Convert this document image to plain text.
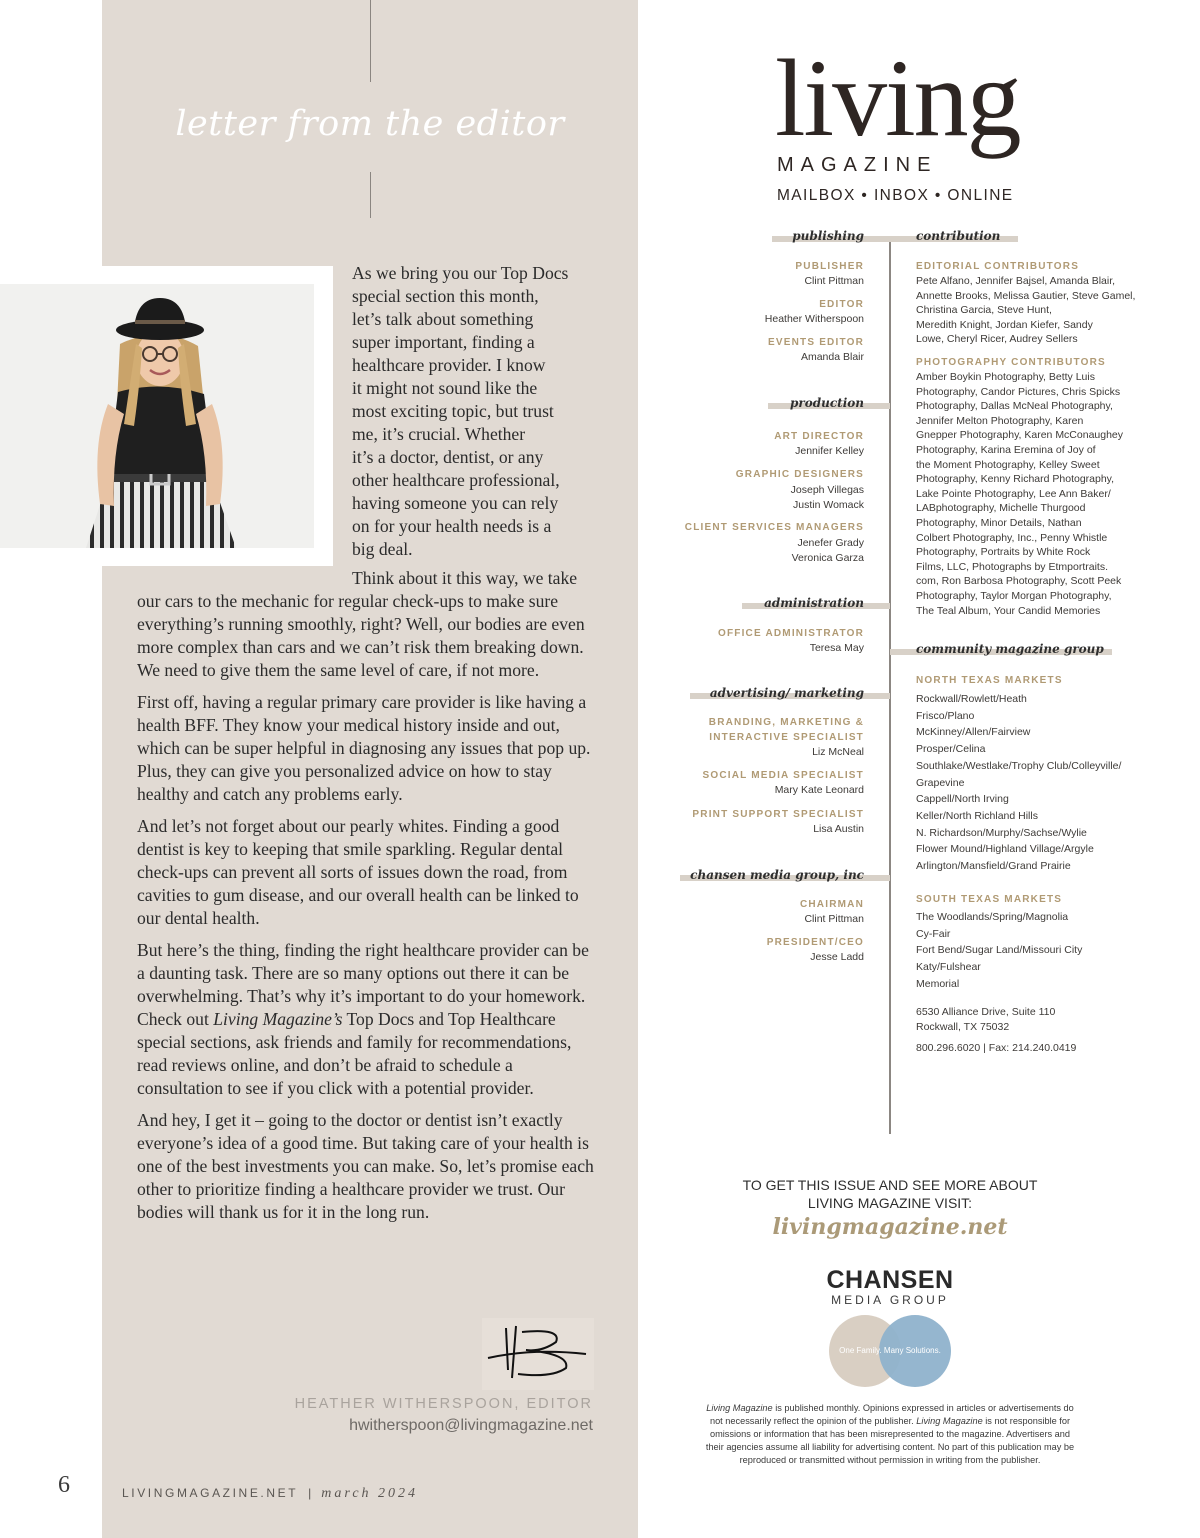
letter from the editor
As we bring you our Top Docs
special section this month,
let’s talk about something
super important, finding a
healthcare provider. I know
it might not sound like the
most exciting topic, but trust
me, it’s crucial. Whether
it’s a doctor, dentist, or any
other healthcare professional,
having someone you can rely
on for your health needs is a
big deal.

Think about it this way, we take our cars to the mechanic for regular check-ups to make sure everything’s running smoothly, right? Well, our bodies are even more complex than cars and we can’t risk them breaking down. We need to give them the same level of care, if not more.

First off, having a regular primary care provider is like having a health BFF. They know your medical history inside and out, which can be super helpful in diagnosing any issues that pop up. Plus, they can give you personalized advice on how to stay healthy and catch any problems early.

And let’s not forget about our pearly whites. Finding a good dentist is key to keeping that smile sparkling. Regular dental check-ups can prevent all sorts of issues down the road, from cavities to gum disease, and our overall health can be linked to our dental health.

But here’s the thing, finding the right healthcare provider can be a daunting task. There are so many options out there it can be overwhelming. That’s why it’s important to do your homework. Check out Living Magazine’s Top Docs and Top Healthcare special sections, ask friends and family for recommendations, read reviews online, and don’t be afraid to schedule a consultation to see if you click with a potential provider.

And hey, I get it – going to the doctor or dentist isn’t exactly everyone’s idea of a good time. But taking care of your health is one of the best investments you can make. So, let’s promise each other to prioritize finding a healthcare provider we trust. Our bodies will thank us for it in the long run.

HEATHER WITHERSPOON, EDITOR
hwitherspoon@livingmagazine.net
6	LIVINGMAGAZINE.NET | march 2024
living
MAGAZINE
MAILBOX • INBOX • ONLINE
publishing	contribution
PUBLISHER
Clint Pittman
EDITOR
Heather Witherspoon
EVENTS EDITOR
Amanda Blair
production
ART DIRECTOR
Jennifer Kelley
GRAPHIC DESIGNERS
Joseph Villegas
Justin Womack
CLIENT SERVICES MANAGERS
Jenefer Grady
Veronica Garza
administration
OFFICE ADMINISTRATOR
Teresa May
advertising/ marketing
BRANDING, MARKETING &
INTERACTIVE SPECIALIST
Liz McNeal
SOCIAL MEDIA SPECIALIST
Mary Kate Leonard
PRINT SUPPORT SPECIALIST
Lisa Austin
chansen media group, inc
CHAIRMAN
Clint Pittman
PRESIDENT/CEO
Jesse Ladd
EDITORIAL CONTRIBUTORS
Pete Alfano, Jennifer Bajsel, Amanda Blair,
Annette Brooks, Melissa Gautier, Steve Gamel,
Christina Garcia, Steve Hunt,
Meredith Knight, Jordan Kiefer, Sandy
Lowe, Cheryl Ricer, Audrey Sellers
PHOTOGRAPHY CONTRIBUTORS
Amber Boykin Photography, Betty Luis
Photography, Candor Pictures, Chris Spicks
Photography, Dallas McNeal Photography,
Jennifer Melton Photography, Karen
Gnepper Photography, Karen McConaughey
Photography, Karina Eremina of Joy of
the Moment Photography, Kelley Sweet
Photography, Kenny Richard Photography,
Lake Pointe Photography, Lee Ann Baker/
LABphotography, Michelle Thurgood
Photography, Minor Details, Nathan
Colbert Photography, Inc., Penny Whistle
Photography, Portraits by White Rock
Films, LLC, Photographs by Etmportraits.
com, Ron Barbosa Photography, Scott Peek
Photography, Taylor Morgan Photography,
The Teal Album, Your Candid Memories
community magazine group
NORTH TEXAS MARKETS
Rockwall/Rowlett/Heath
Frisco/Plano
McKinney/Allen/Fairview
Prosper/Celina
Southlake/Westlake/Trophy Club/Colleyville/
Grapevine
Cappell/North Irving
Keller/North Richland Hills
N. Richardson/Murphy/Sachse/Wylie
Flower Mound/Highland Village/Argyle
Arlington/Mansfield/Grand Prairie
SOUTH TEXAS MARKETS
The Woodlands/Spring/Magnolia
Cy-Fair
Fort Bend/Sugar Land/Missouri City
Katy/Fulshear
Memorial
6530 Alliance Drive, Suite 110
Rockwall, TX 75032
800.296.6020 | Fax: 214.240.0419
TO GET THIS ISSUE AND SEE MORE ABOUT
LIVING MAGAZINE VISIT:
livingmagazine.net
CHANSEN
MEDIA GROUP
One Family. Many Solutions.
Living Magazine is published monthly. Opinions expressed in articles or advertisements do
not necessarily reflect the opinion of the publisher. Living Magazine is not responsible for
omissions or information that has been misrepresented to the magazine. Advertisers and
their agencies assume all liability for advertising content. No part of this publication may be
reproduced or transmitted without permission in writing from the publisher.
